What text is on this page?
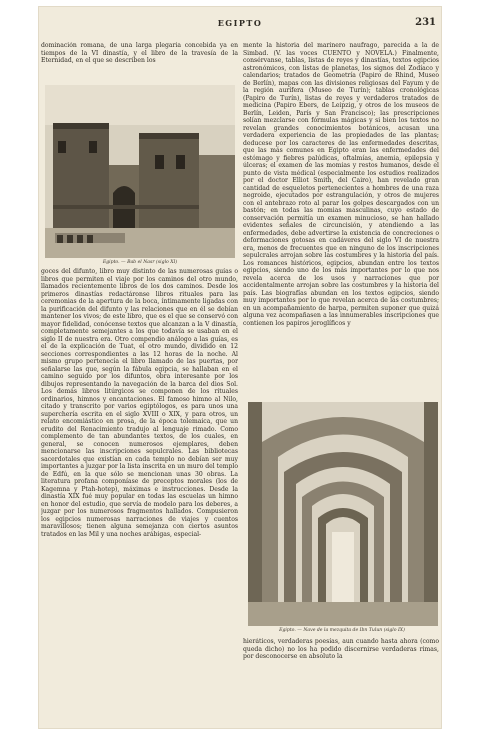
EGIPTO	231

dominación romana, de una larga plegaria concebida ya en tiempos de la VI dinastía, y el libro de la travesía de la Eternidad, en el que se describen los

Egipto. — Bab el Nasr (siglo XI)

goces del difunto, libro muy distinto de las numerosas guías o libros que permiten el viaje por los caminos del otro mundo, llamados recientemente libros de los dos caminos. Desde los primeros dinastías redactáronse libros rituales para las ceremonias de la apertura de la boca, íntimamente ligadas con la purificación del difunto y las relaciones que en él se debían mantener los vivos; de este libro, que es el que se conservó con mayor fidelidad, conócense textos que alcanzan a la V dinastía, completamente semejantes a los que todavía se usaban en el siglo II de nuestra era. Otro compendio análogo a las guías, es el de la explicación de Tuat, el otro mundo, dividido en 12 secciones correspondientes a las 12 horas de la noche. Al mismo grupo pertenecía el libro llamado de las puertas, por señalarse las que, según la fábula egipcia, se hallaban en el camino seguido por los difuntos, obra interesante por los dibujos representando la navegación de la barca del dios Sol. Los demás libros litúrgicos se componen de los rituales ordinarios, himnos y encantaciones. El famoso himno al Nilo, citado y transcrito por varios egiptólogos, es para unos una superchería escrita en el siglo XVIII o XIX, y para otros, un relato encomiástico en prosa, de la época tolemaica, que un erudito del Renacimiento tradujo al lenguaje rimado. Como complemento de tan abundantes textos, de los cuales, en general, se conocen numerosos ejemplares, deben mencionarse las inscripciones sepulcrales. Las bibliotecas sacerdotales que existían en cada templo no debían ser muy importantes a juzgar por la lista inscrita en un muro del templo de Edfú, en la que sólo se mencionan unas 30 obras. La literatura profana componíase de preceptos morales (los de Kagemna y Ptah-hotep), máximas e instrucciones. Desde la dinastía XIX fué muy popular en todas las escuelas un himno en honor del estudio, que servía de modelo para los deberes, a juzgar por los numerosos fragmentos hallados. Compusieron los egipcios numerosas narraciones de viajes y cuentos maravillosos; tienen alguna semejanza con ciertos asuntos tratados en las Mil y una noches arábigas, especial-

mente la historia del marinero naufrago, parecida a la de Simbad. (V. las voces CUENTO y NOVELA.) Finalmente, consérvanse, tablas, listas de reyes y dinastías, textos egipcios astronómicos, con listas de planetas, los signos del Zodíaco y calendarios; tratados de Geometría (Papiro de Rhind, Museo de Berlín), mapas con las divisiones religiosas del Fayum y de la región aurífera (Museo de Turín); tablas cronológicas (Papiro de Turín), listas de reyes y verdaderos tratados de medicina (Papiro Ebers, de Leipzig, y otros de los museos de Berlín, Leiden, París y San Francisco); las prescripciones solían mezclarse con fórmulas mágicas y si bien los textos no revelan grandes conocimientos botánicos, acusan una verdadera experiencia de las propiedades de las plantas; deducese por los caracteres de las enfermedades descritas, que las más comunes en Egipto eran las enfermedades del estómago y fiebres palúdicas, oftalmías, anemia, epilepsia y úlceras; el examen de las momias y restos humanos, desde el punto de vista médical (especialmente los estudios realizados por el doctor Elliot Smith, del Cairo), han revelado gran cantidad de esqueletos pertenecientes a hombres de una raza negroide, ejecutados por estrangulación, y otros de mujeres con el antebrazo roto al parar los golpes descargados con un bastón; en todas las momias masculinas, cuyo estado de conservación permitía un examen minucioso, se han hallado evidentes señales de circuncisión, y atendiendo a las enfermedades, debe advertirse la existencia de concreciones o deformaciones gotosas en cadáveres del siglo VI de nuestra era, menos de frecuentes que en ninguno de los inscripciones sepulcrales arrojan sobre las costumbres y la historia del país. Los romances históricos, egipcios, abundan entre los textos egipcios, siendo uno de los más importantes por lo que nos revela acerca de los usos y narraciones que por accidentalmente arrojan sobre las costumbres y la historia del país. Las biografías abundan en los textos egipcios, siendo muy importantes por lo que revelan acerca de las costumbres; en un acompañamiento de harpa, permiten suponer que quizá alguna vez acompañasen a las innumerables inscripciones que contienen los papiros jeroglíficos y

Egipto. — Nave de la mezquita de Ibn Tulun (siglo IX)

hieráticos, verdaderas poesías, aun cuando hasta ahora (como queda dicho) no los ha podido discernirse verdaderas rimas, por desconocerse en absoluto la
